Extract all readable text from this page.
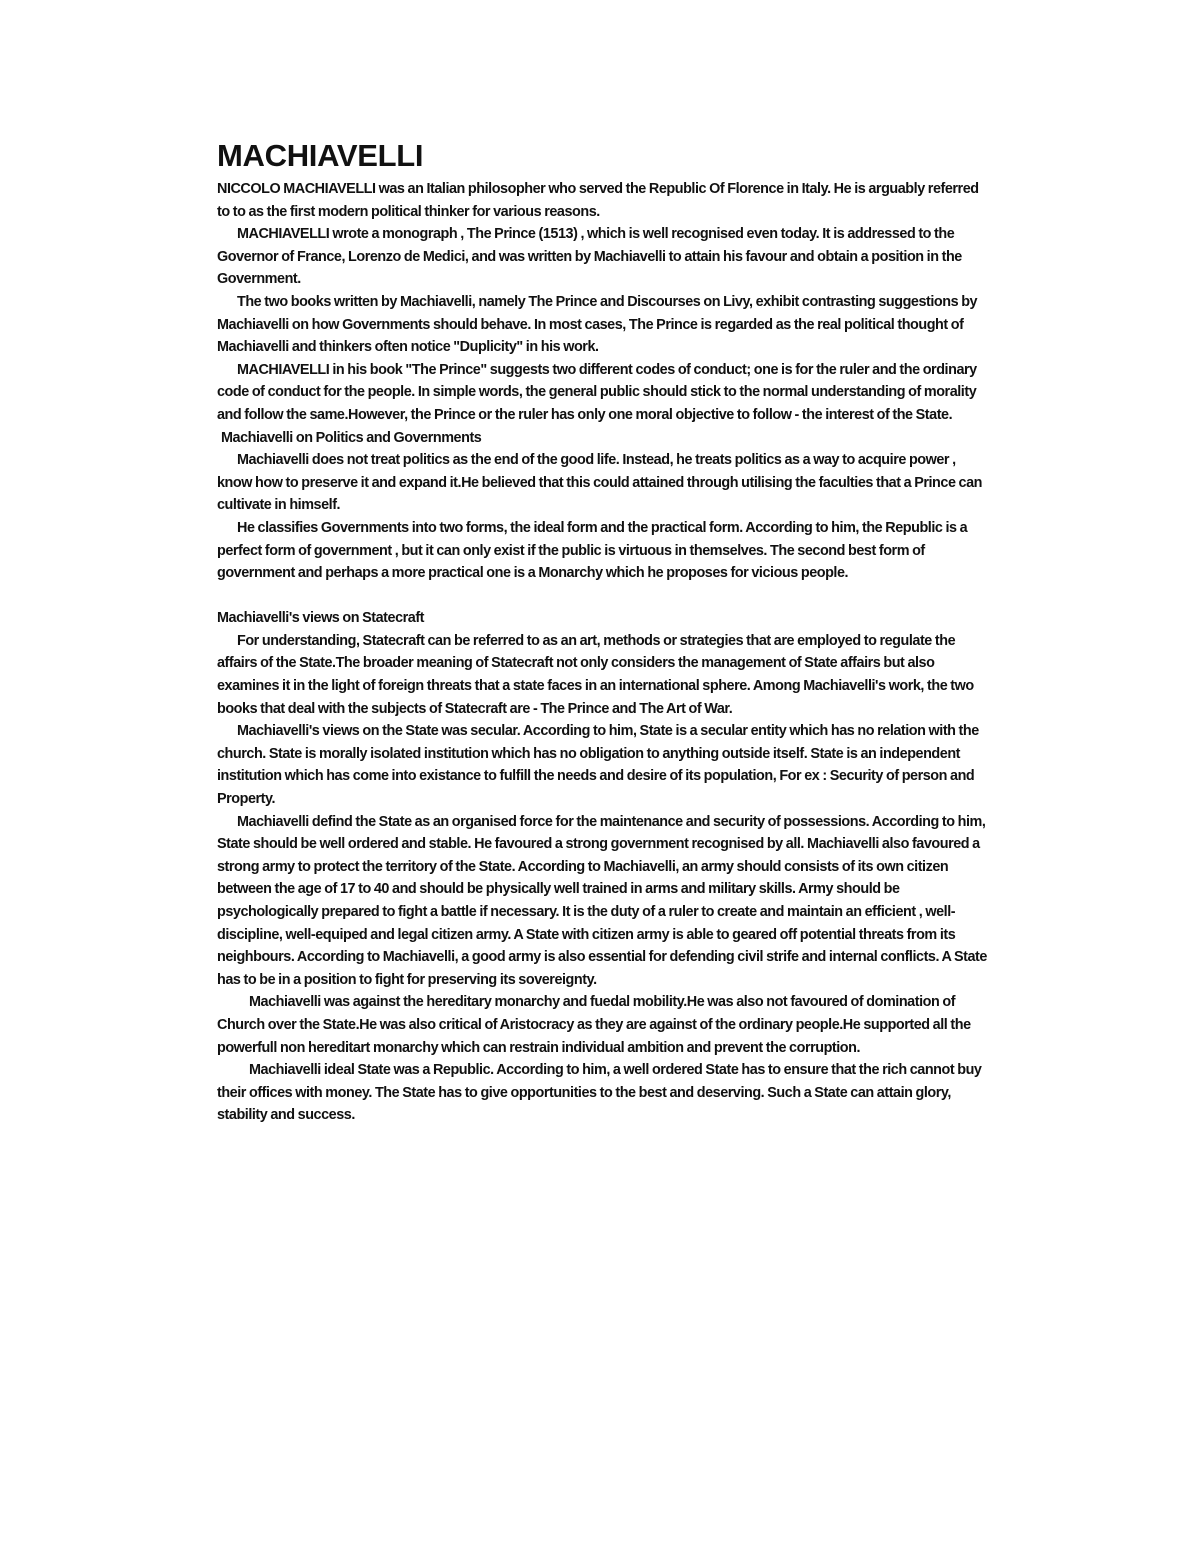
MACHIAVELLI

NICCOLO MACHIAVELLI was an Italian philosopher who served the Republic Of Florence in Italy. He is arguably referred to to as the first modern political thinker for various reasons.

MACHIAVELLI wrote a monograph , The Prince (1513) , which is well recognised even today. It is addressed to the Governor of France, Lorenzo de Medici, and was written by Machiavelli to attain his favour and obtain a position in the Government.

The two books written by Machiavelli, namely The Prince and Discourses on Livy, exhibit contrasting suggestions by Machiavelli on how Governments should behave. In most cases, The Prince is regarded as the real political thought of Machiavelli and thinkers often notice "Duplicity" in his work.

MACHIAVELLI in his book "The Prince" suggests two different codes of conduct; one is for the ruler and the ordinary code of conduct for the people. In simple words, the general public should stick to the normal understanding of morality and follow the same.However, the Prince or the ruler has only one moral objective to follow - the interest of the State.

Machiavelli on Politics and Governments

Machiavelli does not treat politics as the end of the good life. Instead, he treats politics as a way to acquire power , know how to preserve it and expand it.He believed that this could attained through utilising the faculties that a Prince can cultivate in himself.

He classifies Governments into two forms, the ideal form and the practical form. According to him, the Republic is a perfect form of government , but it can only exist if the public is virtuous in themselves. The second best form of government and perhaps a more practical one is a Monarchy which he proposes for vicious people.

Machiavelli's views on Statecraft

For understanding, Statecraft can be referred to as an art, methods or strategies that are employed to regulate the affairs of the State.The broader meaning of Statecraft not only considers the management of State affairs but also examines it in the light of foreign threats that a state faces in an international sphere. Among Machiavelli's work, the two books that deal with the subjects of Statecraft are - The Prince and The Art of War.

Machiavelli's views on the State was secular. According to him, State is a secular entity which has no relation with the church. State is morally isolated institution which has no obligation to anything outside itself. State is an independent institution which has come into existance to fulfill the needs and desire of its population, For ex : Security of person and Property.

Machiavelli defind the State as an organised force for the maintenance and security of possessions. According to him, State should be well ordered and stable. He favoured a strong government recognised by all. Machiavelli also favoured a strong army to protect the territory of the State. According to Machiavelli, an army should consists of its own citizen between the age of 17 to 40 and should be physically well trained in arms and military skills. Army should be psychologically prepared to fight a battle if necessary. It is the duty of a ruler to create and maintain an efficient , well-discipline, well-equiped and legal citizen army. A State with citizen army is able to geared off potential threats from its neighbours. According to Machiavelli, a good army is also essential for defending civil strife and internal conflicts. A State has to be in a position to fight for preserving its sovereignty.

Machiavelli was against the hereditary monarchy and fuedal mobility.He was also not favoured of domination of Church over the State.He was also critical of Aristocracy as they are against of the ordinary people.He supported all the powerfull non hereditart monarchy which can restrain individual ambition and prevent the corruption.

Machiavelli ideal State was a Republic. According to him, a well ordered State has to ensure that the rich cannot buy their offices with money. The State has to give opportunities to the best and deserving. Such a State can attain glory, stability and success.
